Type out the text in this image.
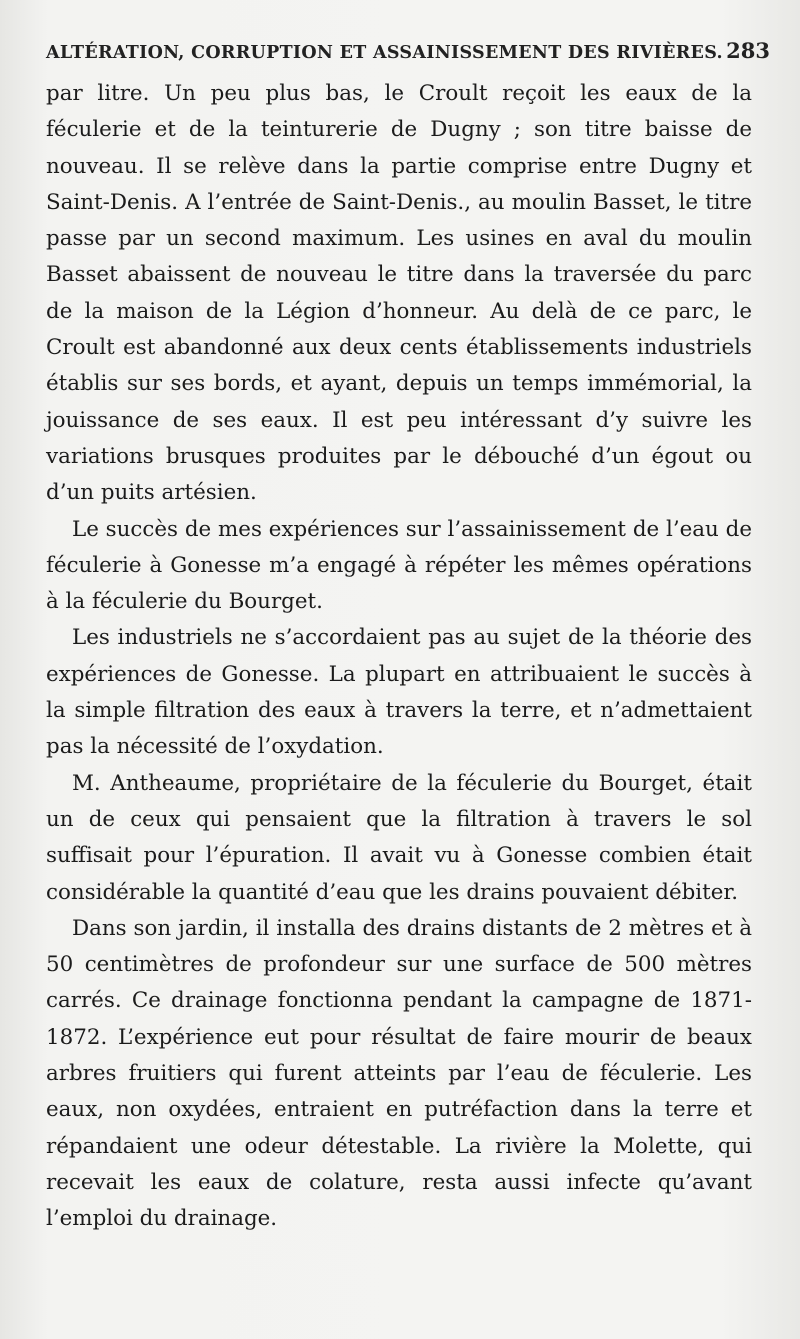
ALTÉRATION, CORRUPTION ET ASSAINISSEMENT DES RIVIÈRES. 283

par litre. Un peu plus bas, le Croult reçoit les eaux de la féculerie et de la teinturerie de Dugny ; son titre baisse de nouveau. Il se relève dans la partie comprise entre Dugny et Saint-Denis. A l’entrée de Saint-Denis., au moulin Basset, le titre passe par un second maximum. Les usines en aval du moulin Basset abaissent de nouveau le titre dans la traversée du parc de la maison de la Légion d’honneur. Au delà de ce parc, le Croult est abandonné aux deux cents établissements industriels établis sur ses bords, et ayant, depuis un temps immémorial, la jouissance de ses eaux. Il est peu intéressant d’y suivre les variations brusques produites par le débouché d’un égout ou d’un puits artésien.

Le succès de mes expériences sur l’assainissement de l’eau de féculerie à Gonesse m’a engagé à répéter les mêmes opérations à la féculerie du Bourget.

Les industriels ne s’accordaient pas au sujet de la théorie des expériences de Gonesse. La plupart en attribuaient le succès à la simple filtration des eaux à travers la terre, et n’admettaient pas la nécessité de l’oxydation.

M. Antheaume, propriétaire de la féculerie du Bourget, était un de ceux qui pensaient que la filtration à travers le sol suffisait pour l’épuration. Il avait vu à Gonesse combien était considérable la quantité d’eau que les drains pouvaient débiter.

Dans son jardin, il installa des drains distants de 2 mètres et à 50 centimètres de profondeur sur une surface de 500 mètres carrés. Ce drainage fonctionna pendant la campagne de 1871-1872. L’expérience eut pour résultat de faire mourir de beaux arbres fruitiers qui furent atteints par l’eau de féculerie. Les eaux, non oxydées, entraient en putréfaction dans la terre et répandaient une odeur détestable. La rivière la Molette, qui recevait les eaux de colature, resta aussi infecte qu’avant l’emploi du drainage.
